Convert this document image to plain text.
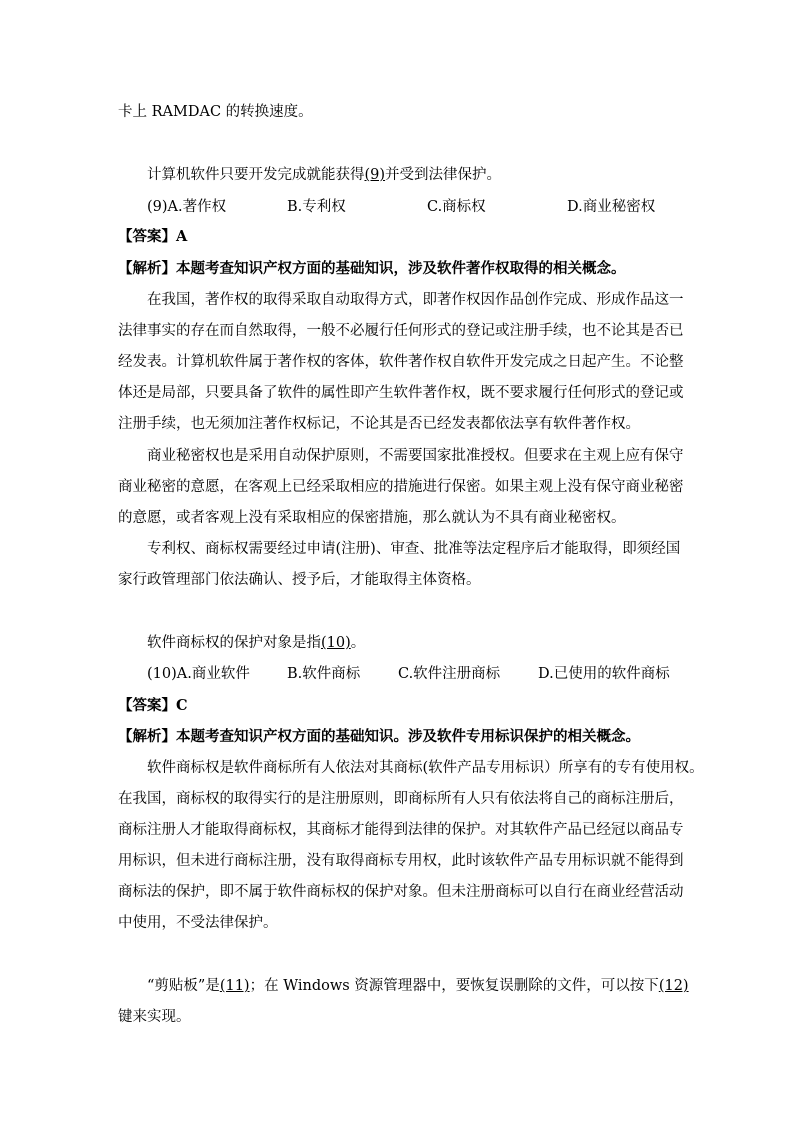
卡上 RAMDAC 的转换速度。
计算机软件只要开发完成就能获得(9)并受到法律保护。
(9)A.著作权	B.专利权	C.商标权	D.商业秘密权
【答案】A
【解析】本题考查知识产权方面的基础知识，涉及软件著作权取得的相关概念。
在我国，著作权的取得采取自动取得方式，即著作权因作品创作完成、形成作品这一
法律事实的存在而自然取得，一般不必履行任何形式的登记或注册手续，也不论其是否已
经发表。计算机软件属于著作权的客体，软件著作权自软件开发完成之日起产生。不论整
体还是局部，只要具备了软件的属性即产生软件著作权，既不要求履行任何形式的登记或
注册手续，也无须加注著作权标记，不论其是否已经发表都依法享有软件著作权。
商业秘密权也是采用自动保护原则，不需要国家批准授权。但要求在主观上应有保守
商业秘密的意愿，在客观上已经采取相应的措施进行保密。如果主观上没有保守商业秘密
的意愿，或者客观上没有采取相应的保密措施，那么就认为不具有商业秘密权。
专利权、商标权需要经过申请(注册)、审查、批准等法定程序后才能取得，即须经国
家行政管理部门依法确认、授予后，才能取得主体资格。
软件商标权的保护对象是指(10)。
(10)A.商业软件	B.软件商标	C.软件注册商标	D.已使用的软件商标
【答案】C
【解析】本题考查知识产权方面的基础知识。涉及软件专用标识保护的相关概念。
软件商标权是软件商标所有人依法对其商标(软件产品专用标识）所享有的专有使用权。
在我国，商标权的取得实行的是注册原则，即商标所有人只有依法将自己的商标注册后，
商标注册人才能取得商标权，其商标才能得到法律的保护。对其软件产品已经冠以商品专
用标识，但未进行商标注册，没有取得商标专用权，此时该软件产品专用标识就不能得到
商标法的保护，即不属于软件商标权的保护对象。但未注册商标可以自行在商业经营活动
中使用，不受法律保护。
“剪贴板”是(11)；在 Windows 资源管理器中，要恢复误删除的文件，可以按下(12)
键来实现。
